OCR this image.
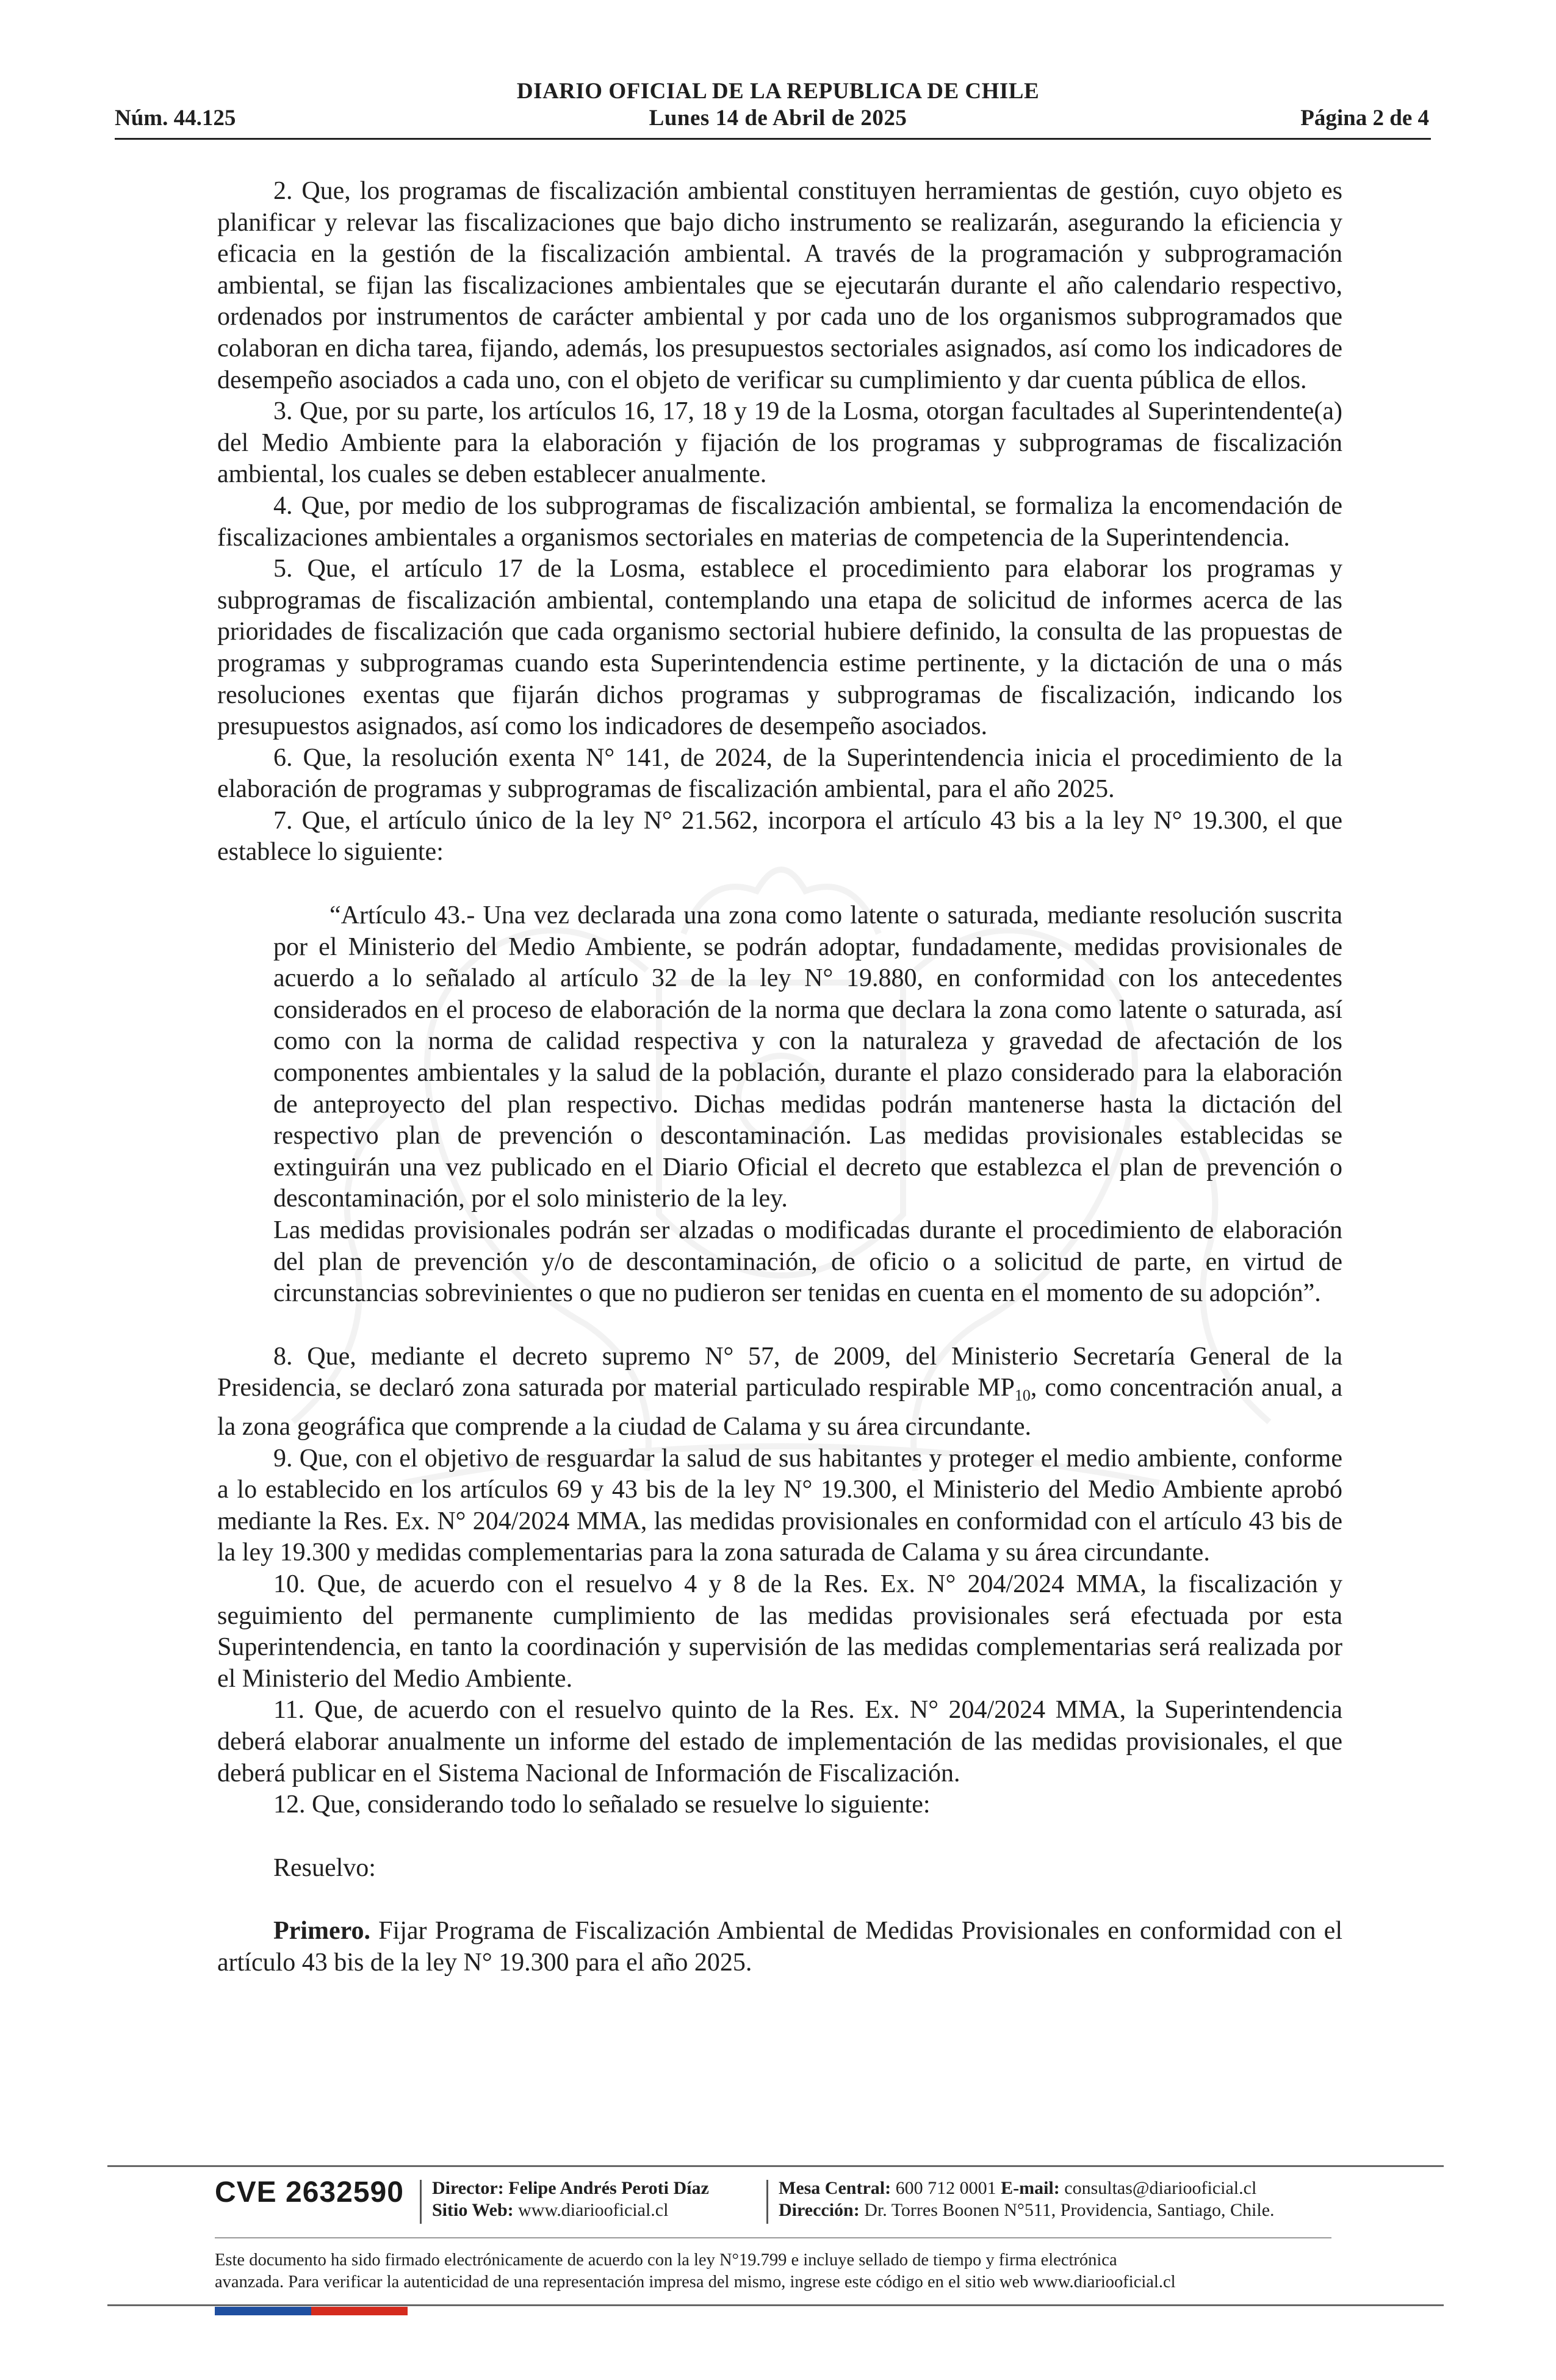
DIARIO OFICIAL DE LA REPUBLICA DE CHILE
Lunes 14 de Abril de 2025
Núm. 44.125	Página 2 de 4

2. Que, los programas de fiscalización ambiental constituyen herramientas de gestión, cuyo objeto es planificar y relevar las fiscalizaciones que bajo dicho instrumento se realizarán, asegurando la eficiencia y eficacia en la gestión de la fiscalización ambiental. A través de la programación y subprogramación ambiental, se fijan las fiscalizaciones ambientales que se ejecutarán durante el año calendario respectivo, ordenados por instrumentos de carácter ambiental y por cada uno de los organismos subprogramados que colaboran en dicha tarea, fijando, además, los presupuestos sectoriales asignados, así como los indicadores de desempeño asociados a cada uno, con el objeto de verificar su cumplimiento y dar cuenta pública de ellos.

3. Que, por su parte, los artículos 16, 17, 18 y 19 de la Losma, otorgan facultades al Superintendente(a) del Medio Ambiente para la elaboración y fijación de los programas y subprogramas de fiscalización ambiental, los cuales se deben establecer anualmente.

4. Que, por medio de los subprogramas de fiscalización ambiental, se formaliza la encomendación de fiscalizaciones ambientales a organismos sectoriales en materias de competencia de la Superintendencia.

5. Que, el artículo 17 de la Losma, establece el procedimiento para elaborar los programas y subprogramas de fiscalización ambiental, contemplando una etapa de solicitud de informes acerca de las prioridades de fiscalización que cada organismo sectorial hubiere definido, la consulta de las propuestas de programas y subprogramas cuando esta Superintendencia estime pertinente, y la dictación de una o más resoluciones exentas que fijarán dichos programas y subprogramas de fiscalización, indicando los presupuestos asignados, así como los indicadores de desempeño asociados.

6. Que, la resolución exenta N° 141, de 2024, de la Superintendencia inicia el procedimiento de la elaboración de programas y subprogramas de fiscalización ambiental, para el año 2025.

7. Que, el artículo único de la ley N° 21.562, incorpora el artículo 43 bis a la ley N° 19.300, el que establece lo siguiente:

“Artículo 43.- Una vez declarada una zona como latente o saturada, mediante resolución suscrita por el Ministerio del Medio Ambiente, se podrán adoptar, fundadamente, medidas provisionales de acuerdo a lo señalado al artículo 32 de la ley N° 19.880, en conformidad con los antecedentes considerados en el proceso de elaboración de la norma que declara la zona como latente o saturada, así como con la norma de calidad respectiva y con la naturaleza y gravedad de afectación de los componentes ambientales y la salud de la población, durante el plazo considerado para la elaboración de anteproyecto del plan respectivo. Dichas medidas podrán mantenerse hasta la dictación del respectivo plan de prevención o descontaminación. Las medidas provisionales establecidas se extinguirán una vez publicado en el Diario Oficial el decreto que establezca el plan de prevención o descontaminación, por el solo ministerio de la ley.

Las medidas provisionales podrán ser alzadas o modificadas durante el procedimiento de elaboración del plan de prevención y/o de descontaminación, de oficio o a solicitud de parte, en virtud de circunstancias sobrevinientes o que no pudieron ser tenidas en cuenta en el momento de su adopción”.

8. Que, mediante el decreto supremo N° 57, de 2009, del Ministerio Secretaría General de la Presidencia, se declaró zona saturada por material particulado respirable $MP_{10}$, como concentración anual, a la zona geográfica que comprende a la ciudad de Calama y su área circundante.

9. Que, con el objetivo de resguardar la salud de sus habitantes y proteger el medio ambiente, conforme a lo establecido en los artículos 69 y 43 bis de la ley N° 19.300, el Ministerio del Medio Ambiente aprobó mediante la Res. Ex. N° 204/2024 MMA, las medidas provisionales en conformidad con el artículo 43 bis de la ley 19.300 y medidas complementarias para la zona saturada de Calama y su área circundante.

10. Que, de acuerdo con el resuelvo 4 y 8 de la Res. Ex. N° 204/2024 MMA, la fiscalización y seguimiento del permanente cumplimiento de las medidas provisionales será efectuada por esta Superintendencia, en tanto la coordinación y supervisión de las medidas complementarias será realizada por el Ministerio del Medio Ambiente.

11. Que, de acuerdo con el resuelvo quinto de la Res. Ex. N° 204/2024 MMA, la Superintendencia deberá elaborar anualmente un informe del estado de implementación de las medidas provisionales, el que deberá publicar en el Sistema Nacional de Información de Fiscalización.

12. Que, considerando todo lo señalado se resuelve lo siguiente:

Resuelvo:

Primero. Fijar Programa de Fiscalización Ambiental de Medidas Provisionales en conformidad con el artículo 43 bis de la ley N° 19.300 para el año 2025.

CVE 2632590 Director: Felipe Andrés Peroti Díaz
Sitio Web: www.diariooficial.cl
Mesa Central: 600 712 0001 E-mail: consultas@diariooficial.cl
Dirección: Dr. Torres Boonen N°511, Providencia, Santiago, Chile.
Este documento ha sido firmado electrónicamente de acuerdo con la ley N°19.799 e incluye sellado de tiempo y firma electrónica
avanzada. Para verificar la autenticidad de una representación impresa del mismo, ingrese este código en el sitio web www.diariooficial.cl
